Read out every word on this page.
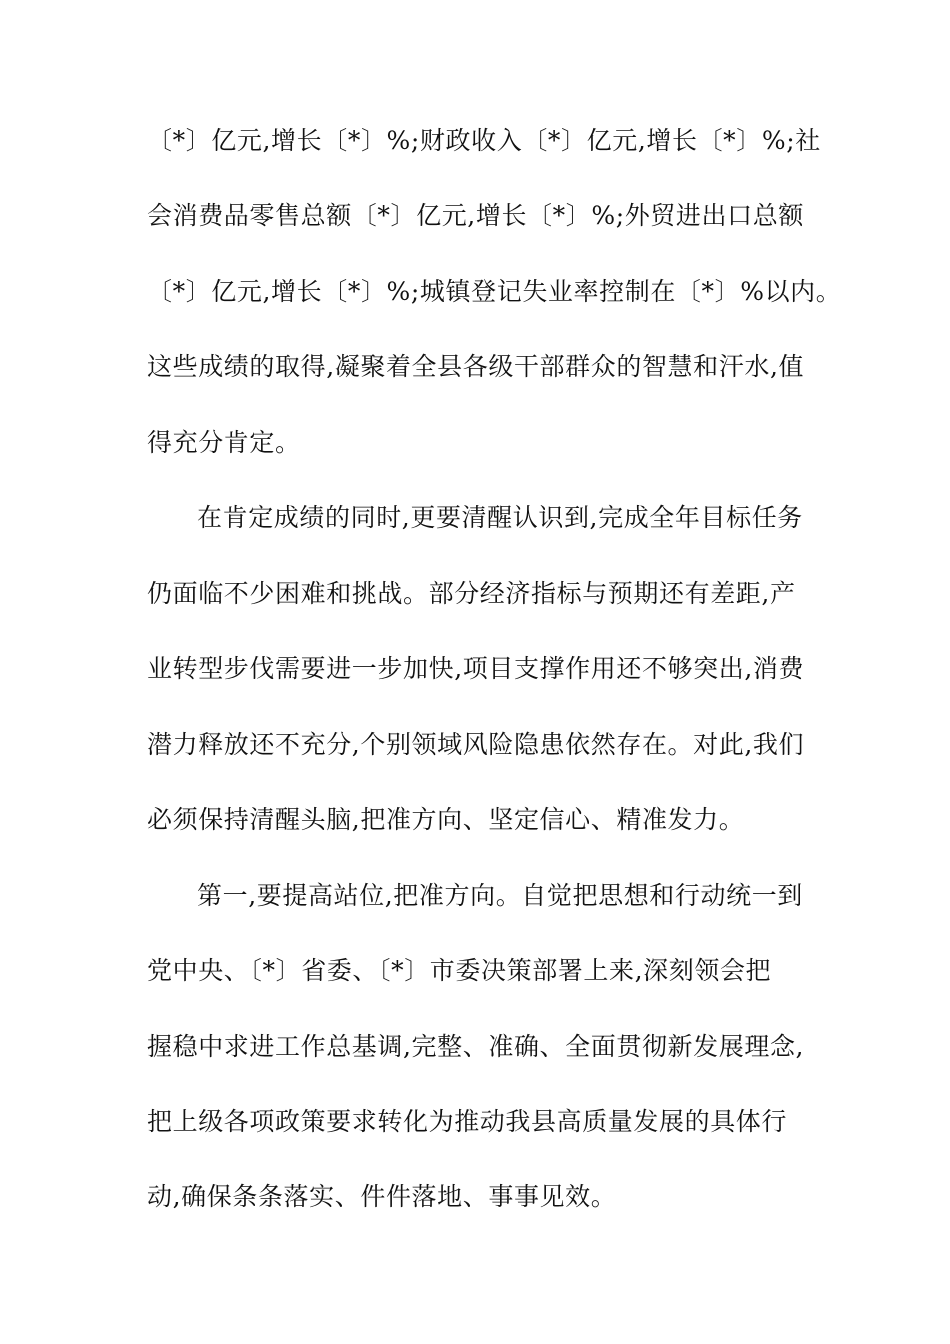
〔*〕亿元,增长〔*〕%;财政收入〔*〕亿元,增长〔*〕%;社
会消费品零售总额〔*〕亿元,增长〔*〕%;外贸进出口总额
〔*〕亿元,增长〔*〕%;城镇登记失业率控制在〔*〕%以内。
这些成绩的取得,凝聚着全县各级干部群众的智慧和汗水,值
得充分肯定。
在肯定成绩的同时,更要清醒认识到,完成全年目标任务
仍面临不少困难和挑战。部分经济指标与预期还有差距,产
业转型步伐需要进一步加快,项目支撑作用还不够突出,消费
潜力释放还不充分,个别领域风险隐患依然存在。对此,我们
必须保持清醒头脑,把准方向、坚定信心、精准发力。
第一,要提高站位,把准方向。自觉把思想和行动统一到
党中央、〔*〕省委、〔*〕市委决策部署上来,深刻领会把
握稳中求进工作总基调,完整、准确、全面贯彻新发展理念,
把上级各项政策要求转化为推动我县高质量发展的具体行
动,确保条条落实、件件落地、事事见效。
